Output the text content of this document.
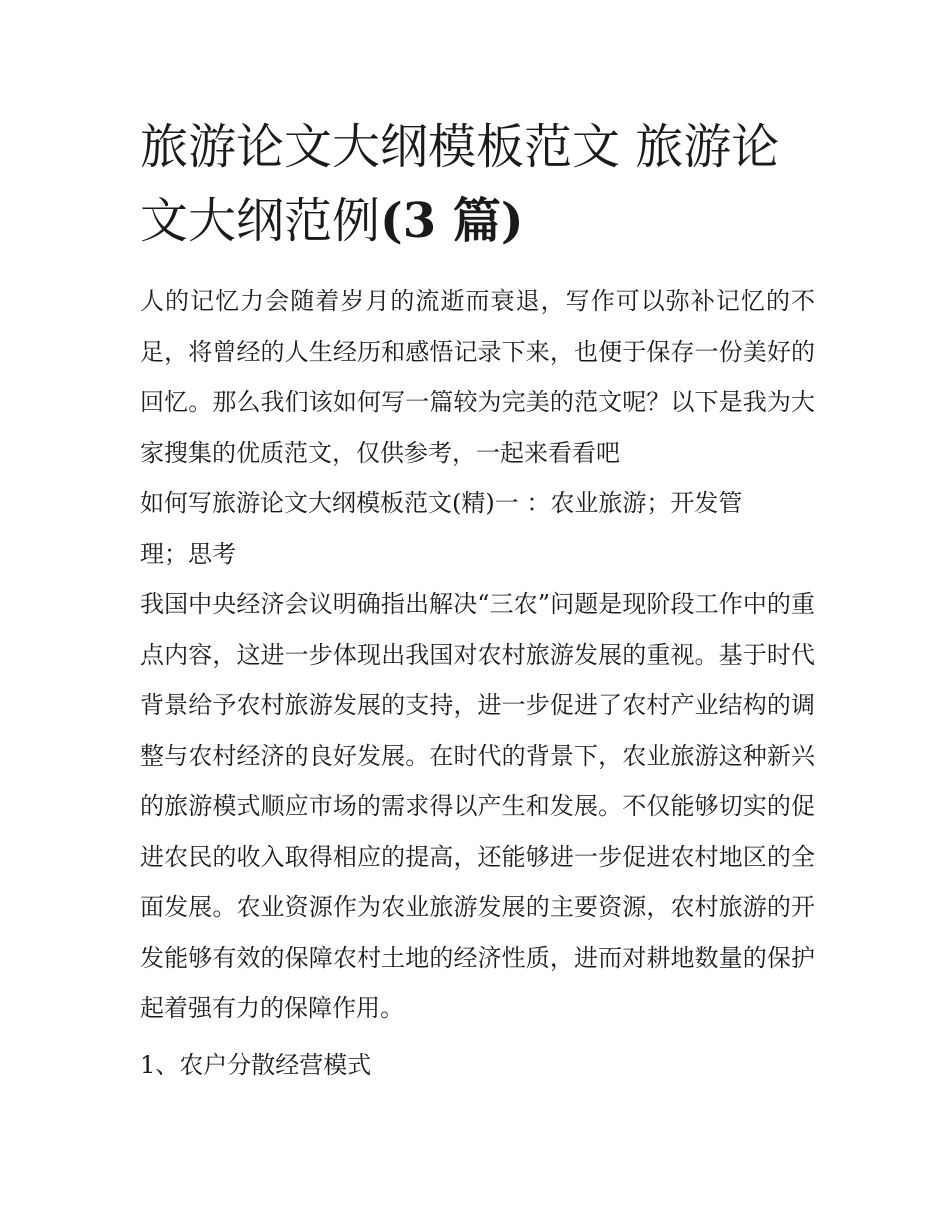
旅游论文大纲模板范文 旅游论文大纲范例(3 篇)

人的记忆力会随着岁月的流逝而衰退，写作可以弥补记忆的不足，将曾经的人生经历和感悟记录下来，也便于保存一份美好的回忆。那么我们该如何写一篇较为完美的范文呢？以下是我为大家搜集的优质范文，仅供参考，一起来看看吧

如何写旅游论文大纲模板范文(精)一 ：农业旅游；开发管理；思考

我国中央经济会议明确指出解决“三农”问题是现阶段工作中的重点内容，这进一步体现出我国对农村旅游发展的重视。基于时代背景给予农村旅游发展的支持，进一步促进了农村产业结构的调整与农村经济的良好发展。在时代的背景下，农业旅游这种新兴的旅游模式顺应市场的需求得以产生和发展。不仅能够切实的促进农民的收入取得相应的提高，还能够进一步促进农村地区的全面发展。农业资源作为农业旅游发展的主要资源，农村旅游的开发能够有效的保障农村土地的经济性质，进而对耕地数量的保护起着强有力的保障作用。

1、农户分散经营模式
